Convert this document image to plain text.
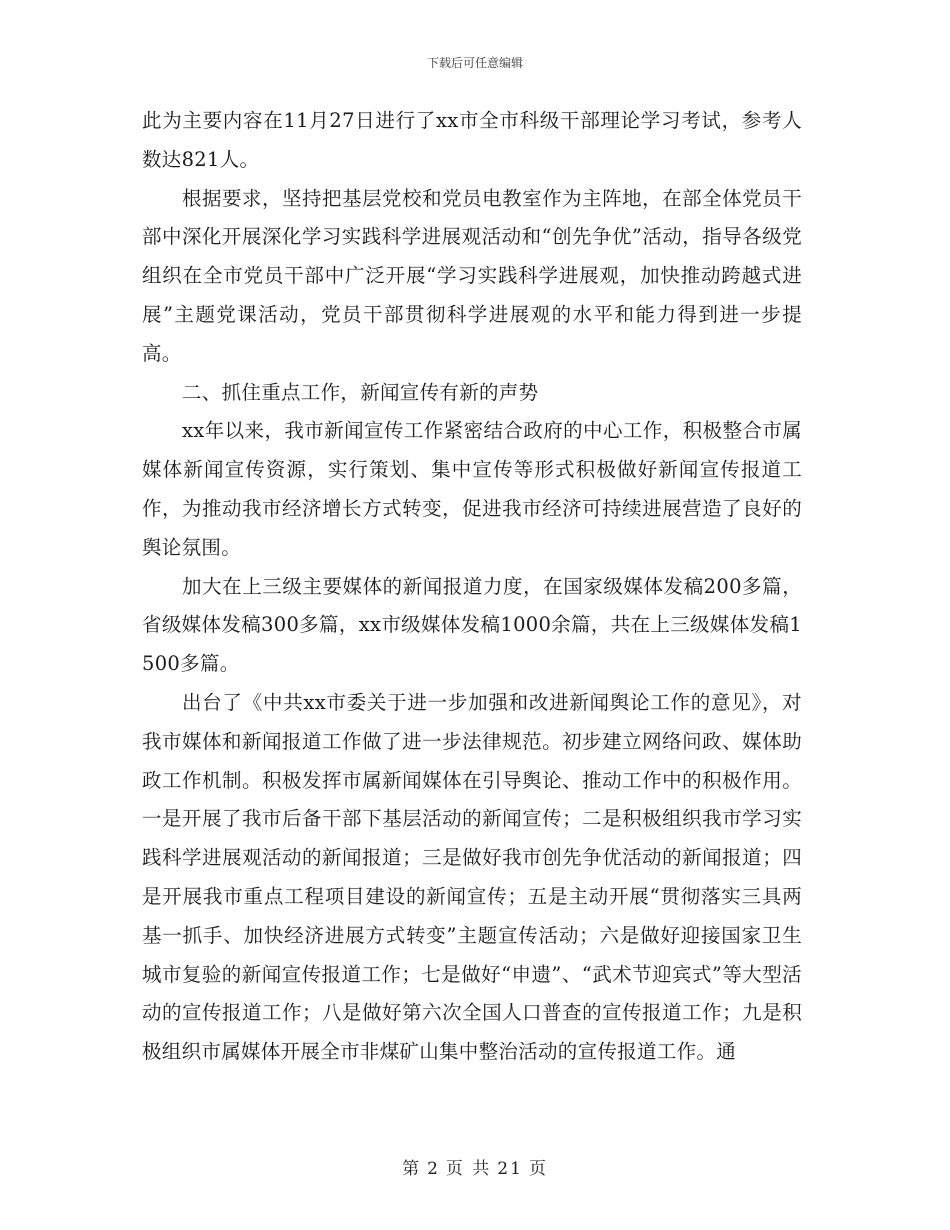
下载后可任意编辑

此为主要内容在11月27日进行了xx市全市科级干部理论学习考试，参考人数达821人。

根据要求，坚持把基层党校和党员电教室作为主阵地，在部全体党员干部中深化开展深化学习实践科学进展观活动和“创先争优”活动，指导各级党组织在全市党员干部中广泛开展“学习实践科学进展观，加快推动跨越式进展”主题党课活动，党员干部贯彻科学进展观的水平和能力得到进一步提高。

二、抓住重点工作，新闻宣传有新的声势

xx年以来，我市新闻宣传工作紧密结合政府的中心工作，积极整合市属媒体新闻宣传资源，实行策划、集中宣传等形式积极做好新闻宣传报道工作，为推动我市经济增长方式转变，促进我市经济可持续进展营造了良好的舆论氛围。

加大在上三级主要媒体的新闻报道力度，在国家级媒体发稿200多篇，省级媒体发稿300多篇，xx市级媒体发稿1000余篇，共在上三级媒体发稿1500多篇。

出台了《中共xx市委关于进一步加强和改进新闻舆论工作的意见》，对我市媒体和新闻报道工作做了进一步法律规范。初步建立网络问政、媒体助政工作机制。积极发挥市属新闻媒体在引导舆论、推动工作中的积极作用。一是开展了我市后备干部下基层活动的新闻宣传；二是积极组织我市学习实践科学进展观活动的新闻报道；三是做好我市创先争优活动的新闻报道；四是开展我市重点工程项目建设的新闻宣传；五是主动开展“贯彻落实三具两基一抓手、加快经济进展方式转变”主题宣传活动；六是做好迎接国家卫生城市复验的新闻宣传报道工作；七是做好“申遗”、“武术节迎宾式”等大型活动的宣传报道工作；八是做好第六次全国人口普查的宣传报道工作；九是积极组织市属媒体开展全市非煤矿山集中整治活动的宣传报道工作。通

第 2 页 共 21 页
